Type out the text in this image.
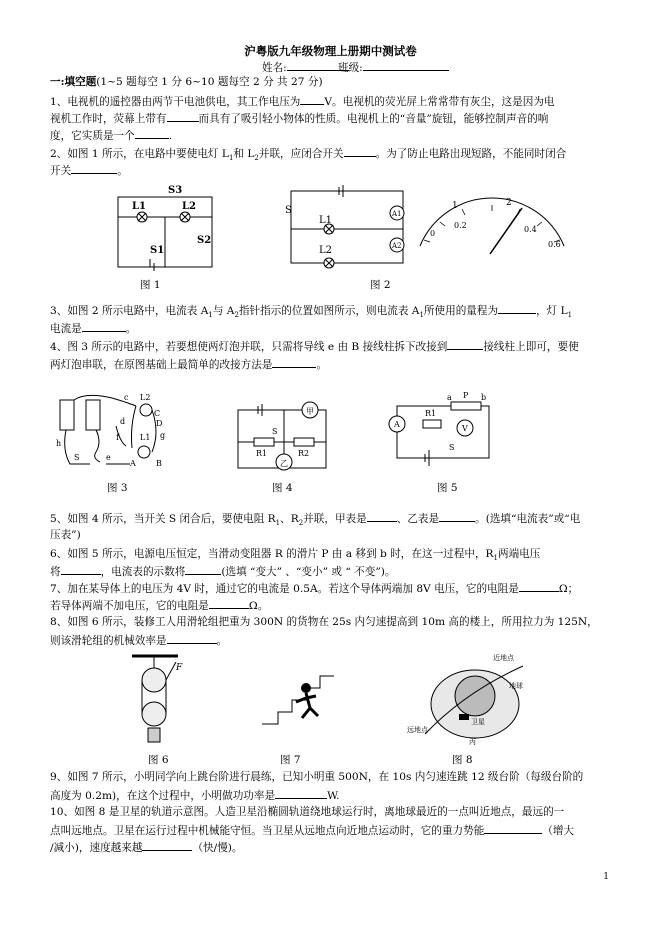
沪粤版九年级物理上册期中测试卷
姓名:	班级:
一:填空题(1~5 题每空 1 分 6~10 题每空 2 分 共 27 分)
1、电视机的遥控器由两节干电池供电，其工作电压为 V。电视机的荧光屏上常常带有灰尘，这是因为电
视机工作时，荧幕上带有	而具有了吸引轻小物体的性质。电视机上的“音量”旋钮，能够控制声音的响
度，它实质是一个	.
2、如图 1 所示，在电路中要使电灯 $L_1$和 $L_2$并联，应闭合开关	。为了防止电路出现短路，不能同时闭合
开关	。
S3
L1	L2
S1
S2
图 1
S
L1
L2
A1
A2
图 2
1	2
0
0.2	0.4
0.6
3、如图 2 所示电路中，电流表 $A_1$与 $A_2$指针指示的位置如图所示，则电流表 $A_1$所使用的量程为	，灯 $L_1$
电流是	。
4、图 3 所示的电路中，若要想使两灯泡并联，只需将导线 e 由 B 接线柱拆下改接到	接线柱上即可，要使
两灯泡串联，在原图基础上最简单的改接方法是	。
c L2
C
D
L1
d
f	g
h
S	e
A	B
图 3
甲
乙
S
R1	R2
图 4
A	V
R1
a	b
P
S
图 5
5、如图 4 所示，当开关 S 闭合后，要使电阻 $R_1$、$R_2$并联，甲表是	、乙表是	。(选填“电流表”或“电
压表”)
6、如图 5 所示，电源电压恒定，当滑动变阻器 R 的滑片 P 由 a 移到 b 时，在这一过程中，$R_1$两端电压
将	，电流表的示数将	(选填 “变大” 、“变小” 或 “ 不变”)。
7、加在某导体上的电压为 4V 时，通过它的电流是 0.5A。若这个导体两端加 8V 电压，它的电阻是	Ω；
若导体两端不加电压，它的电阻是	Ω。
8、如图 6 所示，装修工人用滑轮组把重为 300N 的货物在 25s 内匀速提高到 10m 高的楼上，所用拉力为 125N，
则该滑轮组的机械效率是	。
F
图 6	图 7
近地点
地球
卫星
远地点
丙
图 8
9、如图 7 所示，小明同学向上跳台阶进行晨练，已知小明重 500N，在 10s 内匀速连跳 12 级台阶（每级台阶的
高度为 0.2m)，在这个过程中，小明做功功率是	W.
10、如图 8 是卫星的轨道示意图。人造卫星沿椭圆轨道绕地球运行时，离地球最近的一点叫近地点，最远的一
点叫远地点。卫星在运行过程中机械能守恒。当卫星从远地点向近地点运动时，它的重力势能	（增大
/减小)，速度越来越	（快/慢)。
1
